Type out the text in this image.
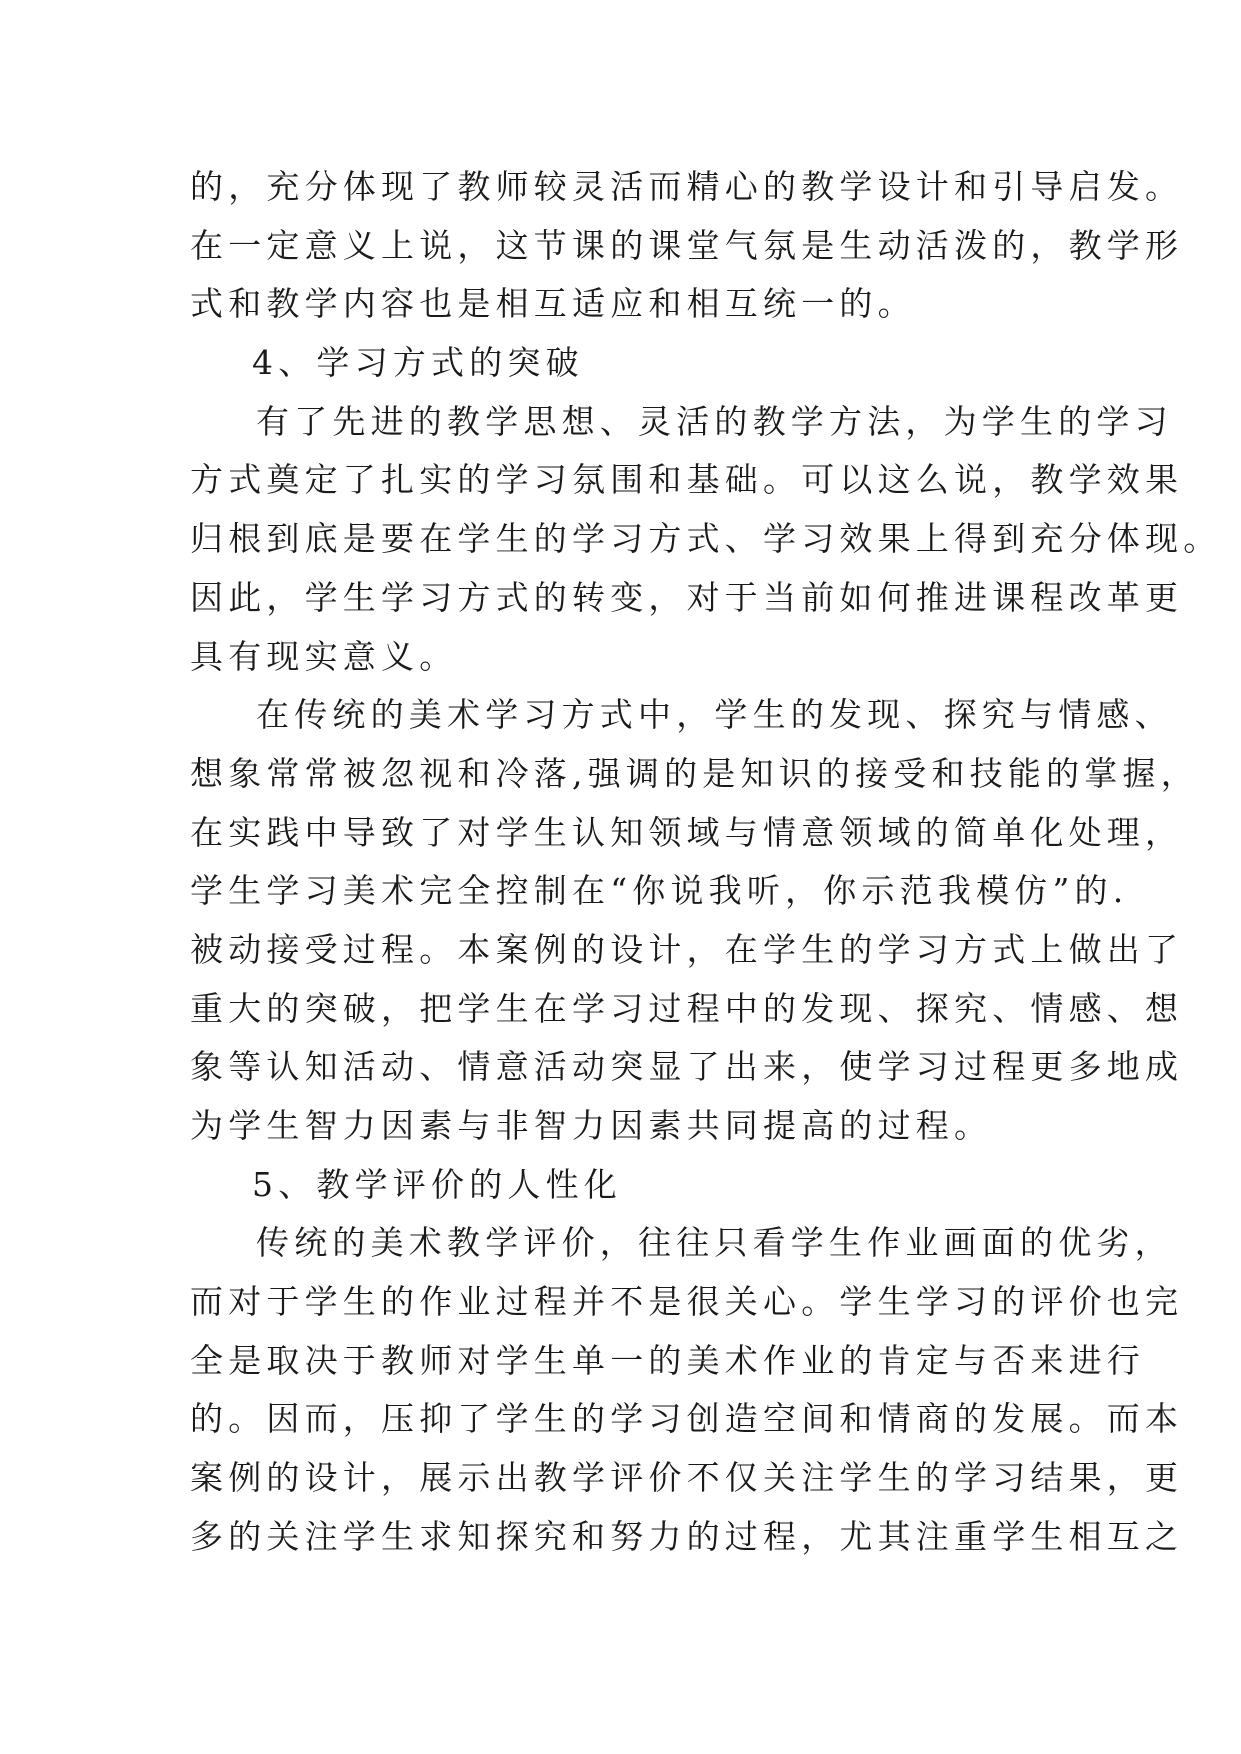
的，充分体现了教师较灵活而精心的教学设计和引导启发。
在一定意义上说，这节课的课堂气氛是生动活泼的，教学形
式和教学内容也是相互适应和相互统一的。
4、学习方式的突破
有了先进的教学思想、灵活的教学方法，为学生的学习
方式奠定了扎实的学习氛围和基础。可以这么说，教学效果
归根到底是要在学生的学习方式、学习效果上得到充分体现。
因此，学生学习方式的转变，对于当前如何推进课程改革更
具有现实意义。
在传统的美术学习方式中，学生的发现、探究与情感、
想象常常被忽视和冷落,强调的是知识的接受和技能的掌握，
在实践中导致了对学生认知领域与情意领域的简单化处理，
学生学习美术完全控制在“你说我听，你示范我模仿”的.
被动接受过程。本案例的设计，在学生的学习方式上做出了
重大的突破，把学生在学习过程中的发现、探究、情感、想
象等认知活动、情意活动突显了出来，使学习过程更多地成
为学生智力因素与非智力因素共同提高的过程。
5、教学评价的人性化
传统的美术教学评价，往往只看学生作业画面的优劣，
而对于学生的作业过程并不是很关心。学生学习的评价也完
全是取决于教师对学生单一的美术作业的肯定与否来进行
的。因而，压抑了学生的学习创造空间和情商的发展。而本
案例的设计，展示出教学评价不仅关注学生的学习结果，更
多的关注学生求知探究和努力的过程，尤其注重学生相互之
